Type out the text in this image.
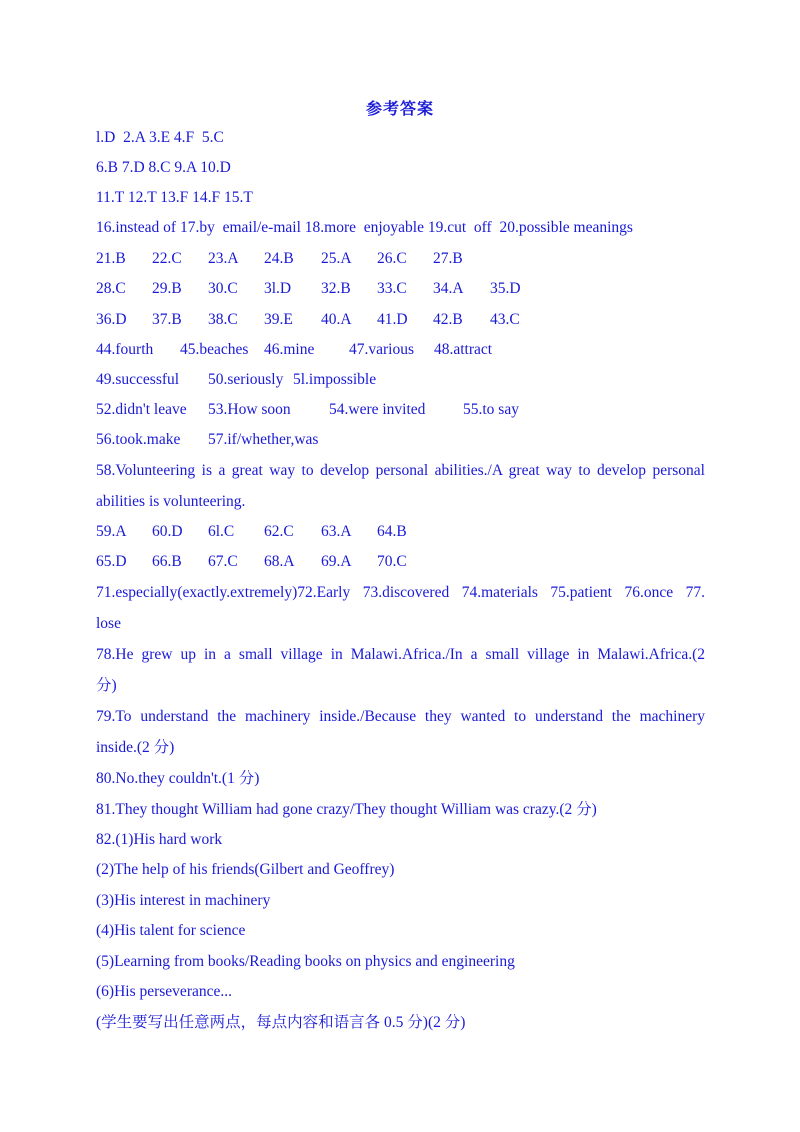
参考答案
l.D  2.A 3.E 4.F  5.C
6.B 7.D 8.C 9.A 10.D
11.T 12.T 13.F 14.F 15.T
16.instead of 17.by  email/e-mail 18.more  enjoyable 19.cut  off  20.possible meanings
21.B 22.C 23.A 24.B 25.A 26.C 27.B
28.C 29.B 30.C 3l.D 32.B 33.C 34.A 35.D
36.D 37.B 38.C 39.E 40.A 41.D 42.B 43.C
44.fourth 45.beaches 46.mine 47.various 48.attract
49.successful 50.seriously 5l.impossible
52.didn't leave 53.How soon 54.were invited 55.to say
56.took.make 57.if/whether,was
58.Volunteering is a great way to develop personal abilities./A great way to develop personal
abilities is volunteering.
59.A 60.D 6l.C 62.C 63.A 64.B
65.D 66.B 67.C 68.A 69.A 70.C
71.especially(exactly.extremely)72.Early 73.discovered 74.materials 75.patient 76.once 77.
lose
78.He grew up in a small village in Malawi.Africa./In a small village in Malawi.Africa.(2
分)
79.To understand the machinery inside./Because they wanted to understand the machinery
inside.(2 分)
80.No.they couldn't.(1 分)
81.They thought William had gone crazy/They thought William was crazy.(2 分)
82.(1)His hard work
(2)The help of his friends(Gilbert and Geoffrey)
(3)His interest in machinery
(4)His talent for science
(5)Learning from books/Reading books on physics and engineering
(6)His perseverance...
(学生要写出任意两点，每点内容和语言各 0.5 分)(2 分)
